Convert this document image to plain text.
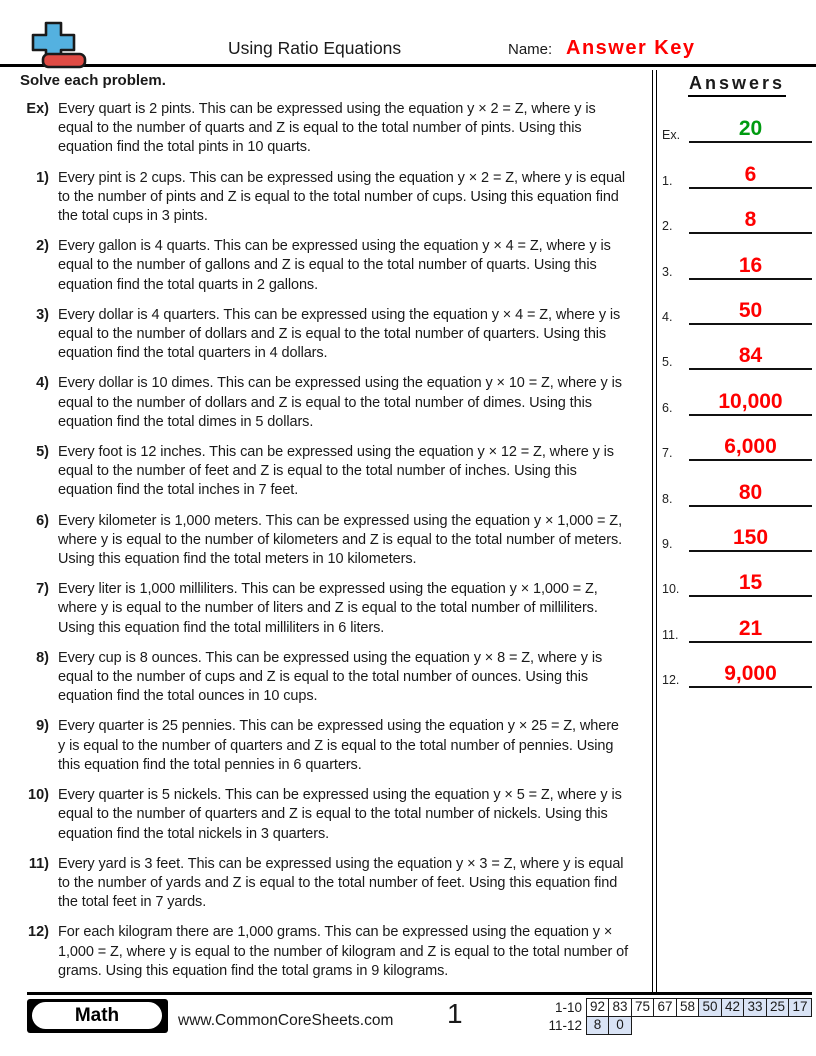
Using Ratio Equations	Name: Answer Key
Solve each problem.
Ex) Every quart is 2 pints. This can be expressed using the equation y × 2 = Z, where y is equal to the number of quarts and Z is equal to the total number of pints. Using this equation find the total pints in 10 quarts.
1) Every pint is 2 cups. This can be expressed using the equation y × 2 = Z, where y is equal to the number of pints and Z is equal to the total number of cups. Using this equation find the total cups in 3 pints.
2) Every gallon is 4 quarts. This can be expressed using the equation y × 4 = Z, where y is equal to the number of gallons and Z is equal to the total number of quarts. Using this equation find the total quarts in 2 gallons.
3) Every dollar is 4 quarters. This can be expressed using the equation y × 4 = Z, where y is equal to the number of dollars and Z is equal to the total number of quarters. Using this equation find the total quarters in 4 dollars.
4) Every dollar is 10 dimes. This can be expressed using the equation y × 10 = Z, where y is equal to the number of dollars and Z is equal to the total number of dimes. Using this equation find the total dimes in 5 dollars.
5) Every foot is 12 inches. This can be expressed using the equation y × 12 = Z, where y is equal to the number of feet and Z is equal to the total number of inches. Using this equation find the total inches in 7 feet.
6) Every kilometer is 1,000 meters. This can be expressed using the equation y × 1,000 = Z, where y is equal to the number of kilometers and Z is equal to the total number of meters. Using this equation find the total meters in 10 kilometers.
7) Every liter is 1,000 milliliters. This can be expressed using the equation y × 1,000 = Z, where y is equal to the number of liters and Z is equal to the total number of milliliters. Using this equation find the total milliliters in 6 liters.
8) Every cup is 8 ounces. This can be expressed using the equation y × 8 = Z, where y is equal to the number of cups and Z is equal to the total number of ounces. Using this equation find the total ounces in 10 cups.
9) Every quarter is 25 pennies. This can be expressed using the equation y × 25 = Z, where y is equal to the number of quarters and Z is equal to the total number of pennies. Using this equation find the total pennies in 6 quarters.
10) Every quarter is 5 nickels. This can be expressed using the equation y × 5 = Z, where y is equal to the number of quarters and Z is equal to the total number of nickels. Using this equation find the total nickels in 3 quarters.
11) Every yard is 3 feet. This can be expressed using the equation y × 3 = Z, where y is equal to the number of yards and Z is equal to the total number of feet. Using this equation find the total feet in 7 yards.
12) For each kilogram there are 1,000 grams. This can be expressed using the equation y × 1,000 = Z, where y is equal to the number of kilogram and Z is equal to the total number of grams. Using this equation find the total grams in 9 kilograms.
Answers
Ex.	20
1.	6
2.	8
3.	16
4.	50
5.	84
6.	10,000
7.	6,000
8.	80
9.	150
10.	15
11.	21
12.	9,000
Math	www.CommonCoreSheets.com 1	1-10 92 83 75 67 58 50 42 33 25 17
11-12 8	0
